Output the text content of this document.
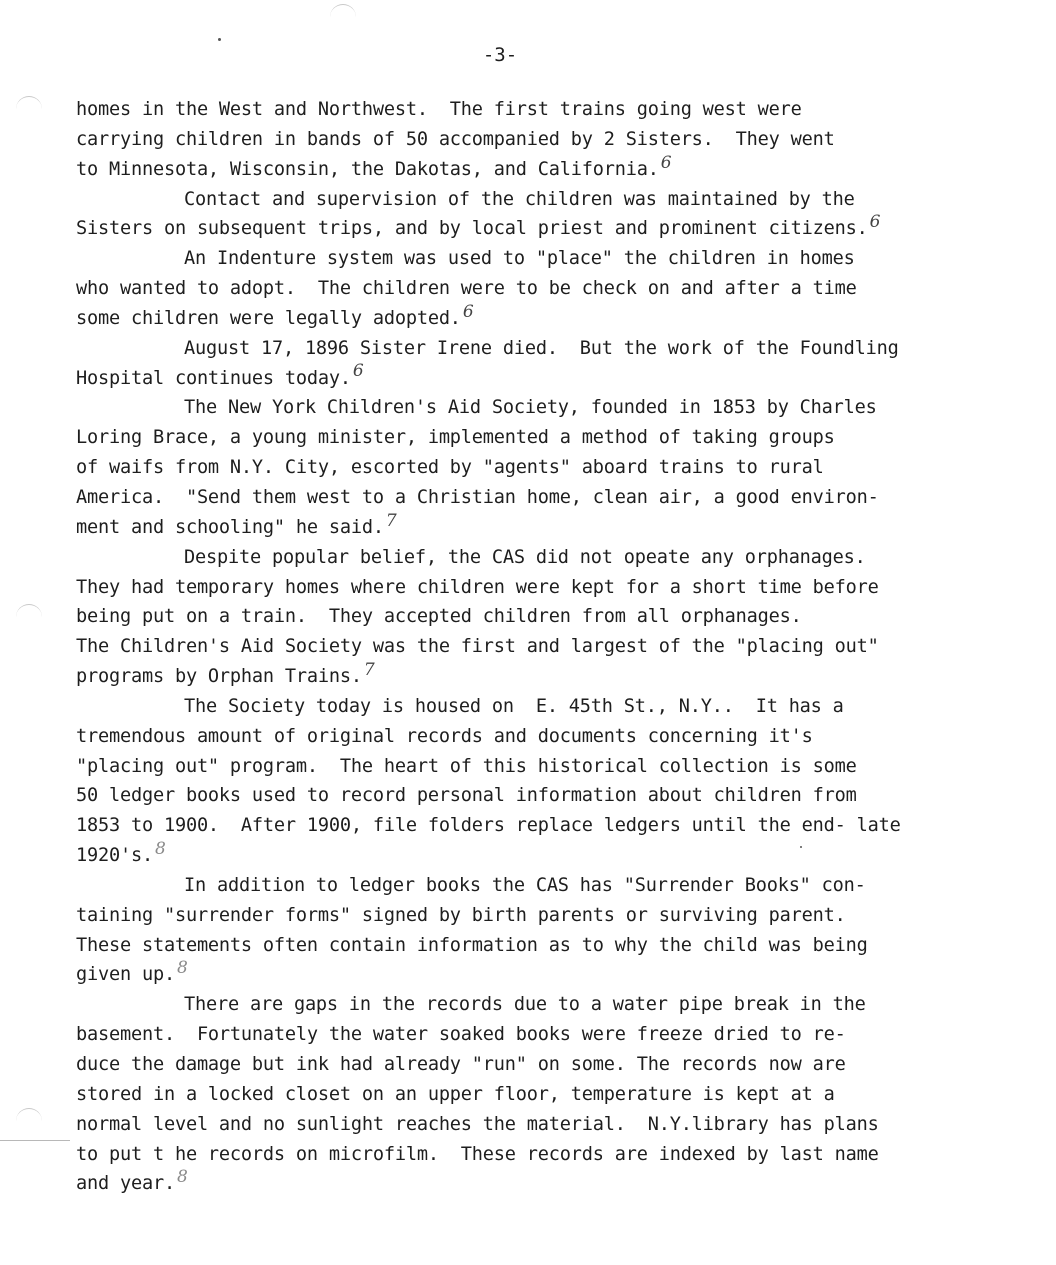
-3-
homes in the West and Northwest.  The first trains going west were
carrying children in bands of 50 accompanied by 2 Sisters.  They went
to Minnesota, Wisconsin, the Dakotas, and California. 6
Contact and supervision of the children was maintained by the
Sisters on subsequent trips, and by local priest and prominent citizens. 6
An Indenture system was used to "place" the children in homes
who wanted to adopt.  The children were to be check on and after a time
some children were legally adopted. 6
August 17, 1896 Sister Irene died.  But the work of the Foundling
Hospital continues today. 6
The New York Children's Aid Society, founded in 1853 by Charles
Loring Brace, a young minister, implemented a method of taking groups
of waifs from N.Y. City, escorted by "agents" aboard trains to rural
America.  "Send them west to a Christian home, clean air, a good environ-
ment and schooling" he said. 7
Despite popular belief, the CAS did not opeate any orphanages.
They had temporary homes where children were kept for a short time before
being put on a train.  They accepted children from all orphanages.
The Children's Aid Society was the first and largest of the "placing out"
programs by Orphan Trains. 7
The Society today is housed on  E. 45th St., N.Y..  It has a
tremendous amount of original records and documents concerning it's
"placing out" program.  The heart of this historical collection is some
50 ledger books used to record personal information about children from
1853 to 1900.  After 1900, file folders replace ledgers until the end- late
1920's. 8
In addition to ledger books the CAS has "Surrender Books" con-
taining "surrender forms" signed by birth parents or surviving parent.
These statements often contain information as to why the child was being
given up. 8
There are gaps in the records due to a water pipe break in the
basement.  Fortunately the water soaked books were freeze dried to re-
duce the damage but ink had already "run" on some. The records now are
stored in a locked closet on an upper floor, temperature is kept at a
normal level and no sunlight reaches the material.  N.Y.library has plans
to put t he records on microfilm.  These records are indexed by last name
and year. 8
